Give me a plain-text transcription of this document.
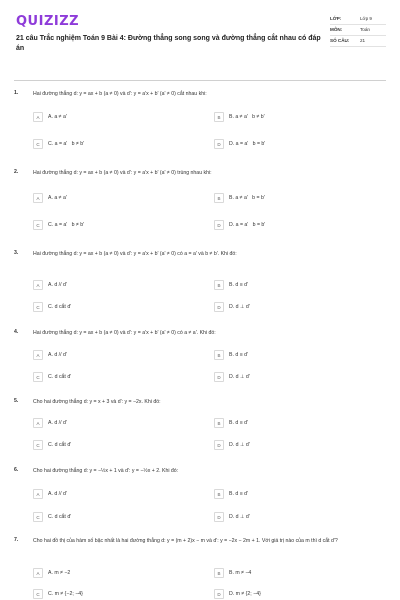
QUIZIZZ
21 câu Trắc nghiệm Toán 9 Bài 4: Đường thẳng song song và đường thẳng cắt nhau có đáp án
LỚP:	Lớp 9
MÔN:	Toán
SỐ CÂU:	21
1.	Hai đường thẳng d: y = ax + b (a ≠ 0) và d': y = a'x + b' (a' ≠ 0) cắt nhau khi:
A	A. a ≠ a'	B	B. a ≠ a'   b ≠ b'
C	C. a = a'   b ≠ b'	D	D. a = a'   b = b'
2.	Hai đường thẳng d: y = ax + b (a ≠ 0) và d': y = a'x + b' (a' ≠ 0) trùng nhau khi:
A	A. a ≠ a'	B	B. a ≠ a'   b = b'
C	C. a = a'   b ≠ b'	D	D. a = a'   b = b'
3.	Hai đường thẳng d: y = ax + b (a ≠ 0) và d': y = a'x + b' (a' ≠ 0) có a = a' và b ≠ b'. Khi đó:
A	A. d // d'	B	B. d ≡ d'
C	C. d cắt d'	D	D. d ⊥ d'
4.	Hai đường thẳng d: y = ax + b (a ≠ 0) và d': y = a'x + b' (a' ≠ 0) có a ≠ a'. Khi đó:
A	A. d // d'	B	B. d ≡ d'
C	C. d cắt d'	D	D. d ⊥ d'
5.	Cho hai đường thẳng d: y = x + 3 và d': y = −2x. Khi đó:
A	A. d // d'	B	B. d ≡ d'
C	C. d cắt d'	D	D. d ⊥ d'
6.	Cho hai đường thẳng d: y = −½x + 1 và d': y = −½x + 2. Khi đó:
A	A. d // d'	B	B. d ≡ d'
C	C. d cắt d'	D	D. d ⊥ d'
7.	Cho hai đồ thị của hàm số bậc nhất là hai đường thẳng d: y = (m + 2)x − m và d': y = −2x − 2m + 1. Với giá trị nào của m thì d cắt d'?
A	A. m ≠ −2	B	B. m ≠ −4
C	C. m ≠ {−2; −4}	D	D. m ≠ {2; −4}
